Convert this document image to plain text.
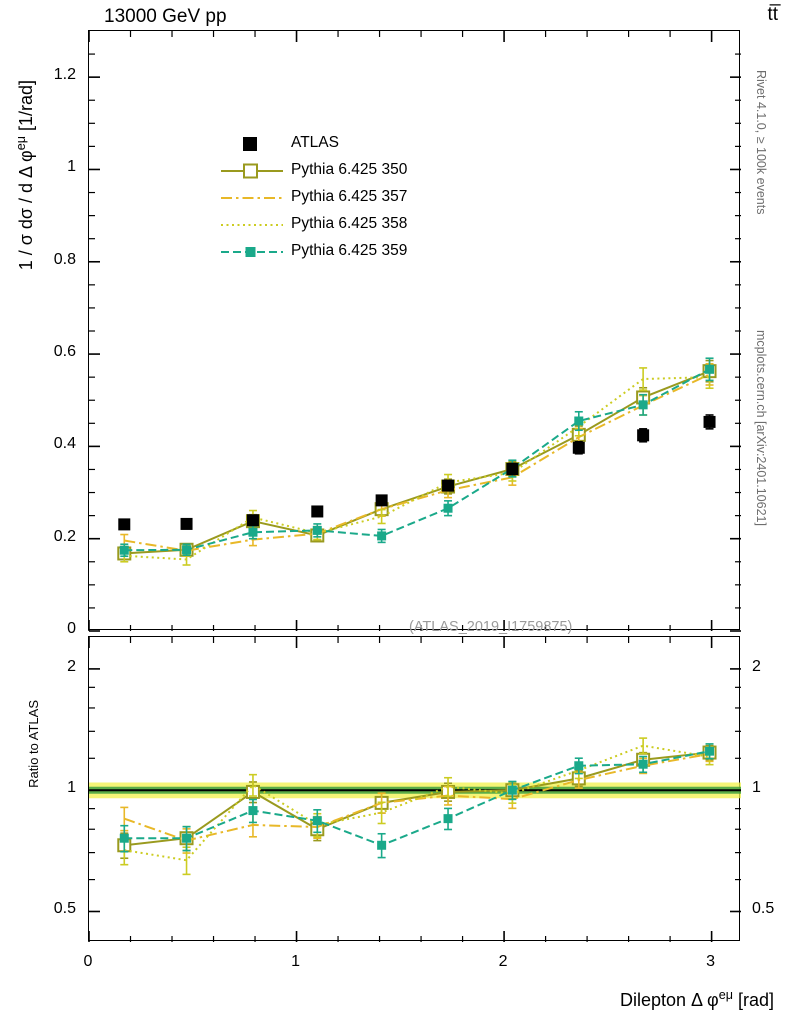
13000 GeV pp	tt̅
Rivet 4.1.0, ≥ 100k events
mcplots.cern.ch [arXiv:2401.10621]
1 / σ dσ / d Δ $\varphi^{e\mu}$ [1/rad]
Ratio to ATLAS
Dilepton Δ $\varphi^{e\mu}$ [rad]
ATLAS
Pythia 6.425 350
Pythia 6.425 357
Pythia 6.425 358
Pythia 6.425 359
(ATLAS_2019_I1759875)
0
0.2
0.4
0.6
0.8
1
1.2
0	1	2	3
0.5	0.5
1	1
2	2
